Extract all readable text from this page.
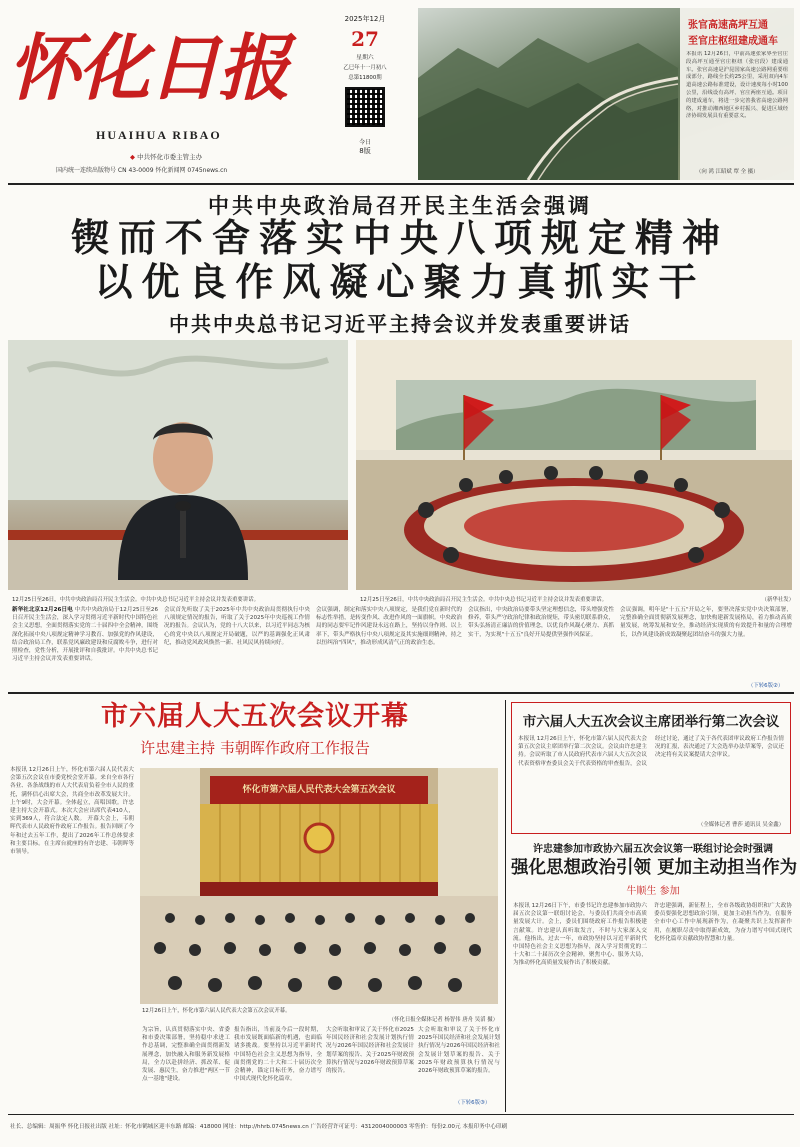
怀化日报
HUAIHUA RIBAO
◆ 中共怀化市委主管主办
国内统一连续出版物号 CN 43-0009 怀化新闻网 0745news.cn
2025年12月
27
星期六
乙巳年十一月初八
总第11800期
今日
8版
张官高速高坪互通
至官庄枢纽建成通车
本报讯 12月26日，中前高速张家界至官庄段高坪互通至官庄枢纽（张官段）建成通车。张官高速是沪昆国家高速公路网重要组成部分，路线全长约25公里，采用双向4车道高速公路标准建设，设计速度每小时100公里，沿线设有高坪、官庄两座互通。项目的建成通车，将进一步完善我省高速公路网络，对推动湘西地区乡村振兴、促进区域经济协调发展具有重要意义。
（向 鸿 江昭斌 覃 全 摄）
中共中央政治局召开民主生活会强调
锲而不舍落实中央八项规定精神
以优良作风凝心聚力真抓实干
中共中央总书记习近平主持会议并发表重要讲话
12月25日至26日，中共中央政治局召开民主生活会。中共中央总书记习近平主持会议并发表重要讲话。	12月25日至26日，中共中央政治局召开民主生活会。中共中央总书记习近平主持会议并发表重要讲话。	（新华社发）
新华社北京12月26日电 中共中央政治局于12月25日至26日召开民主生活会，深入学习贯彻习近平新时代中国特色社会主义思想，全面贯彻落实党的二十届四中全会精神，围绕深化拓展中央八项规定精神学习教育、加强党的作风建设，结合政治局工作，联系党风廉政建设和反腐败斗争，进行对照检查，党性分析，开展批评和自我批评。中共中央总书记习近平主持会议并发表重要讲话。
会议首先听取了关于2025年中共中央政治局贯彻执行中央八项规定情况的报告，听取了关于2025年中央巡视工作情况的报告。会议认为，党的十八大以来，以习近平同志为核心的党中央以八项规定开局破题，以严的基调强化正风肃纪，推动党风政风焕然一新、社风民风持续向好。
会议强调，制定和落实中央八项规定，是我们党在新时代的标志性举措，是转变作风、改进作风的一面旗帜。中央政治局的同志要牢记作风建设永远在路上，坚持以身作则、以上率下，带头严格执行中央八项规定及其实施细则精神，持之以恒纠治"四风"，推动形成风清气正的政治生态。
会议指出，中央政治局要带头坚定理想信念，带头增强党性修养，带头严守政治纪律和政治规矩，带头密切联系群众，带头弘扬清正廉洁的价值理念，以优良作风凝心聚力、真抓实干，为实现"十五五"良好开局提供坚强作风保证。
会议强调，明年是"十五五"开局之年，要坚决落实党中央决策部署，完整准确全面贯彻新发展理念，加快构建新发展格局，着力推动高质量发展，统筹发展和安全，推动经济实现质的有效提升和量的合理增长，以作风建设新成效凝聚起团结奋斗的强大力量。
（下转6版②）
市六届人大五次会议开幕
许忠建主持 韦朝晖作政府工作报告
本报讯 12月26日上午，怀化市第六届人民代表大会第五次会议在市委党校会堂开幕。来自全市各行各业、各条战线的市人大代表肩负着全市人民的重托，满怀信心出席大会，共商全市改革发展大计。上午9时，大会开幕。全体起立，高唱国歌。许忠建主持大会开幕式。本次大会应出席代表410人，实到369人，符合法定人数。 开幕大会上，韦朝晖代表市人民政府作政府工作报告。报告回顾了今年和过去五年工作，提出了2026年工作总体要求和主要目标。在主席台就座的有许忠建、韦朝晖等市领导。
怀化市第六届人民代表大会第五次会议
12月26日上午，怀化市第六届人民代表大会第五次会议开幕。
（怀化日报全媒体记者 杨智伟 唐舟 吴滔 摄）
为宗旨，认真贯彻落实中央、省委和市委决策部署，坚持稳中求进工作总基调，完整准确全面贯彻新发展理念，加快融入和服务新发展格局，全力以赴拼经济、抓改革、促发展、惠民生，奋力推进"两区一节点一基地"建设。
报告指出，当前及今后一段时期，我市发展既面临新的机遇，也面临诸多挑战。要坚持以习近平新时代中国特色社会主义思想为指导，全面贯彻党的二十大和二十届历次全会精神，锚定目标任务，奋力谱写中国式现代化怀化篇章。
大会听取和审议了关于怀化市2025年国民经济和社会发展计划执行情况与2026年国民经济和社会发展计划草案的报告、关于2025年财政预算执行情况与2026年财政预算草案的报告。
大会听取和审议了关于怀化市2025年国民经济和社会发展计划执行情况与2026年国民经济和社会发展计划草案的报告、关于2025年财政预算执行情况与2026年财政预算草案的报告。
（下转6版③）
市六届人大五次会议主席团举行第二次会议
本报讯 12月26日上午，怀化市第六届人民代表大会第五次会议主席团举行第二次会议。会议由许忠建主持。会议听取了市人民政府代表市六届人大五次会议代表资格审查委员会关于代表资格的审查报告，会议经过讨论，通过了关于各代表团审议政府工作报告情况的汇报，表决通过了大会选举办法草案等，会议还决定将有关议案提请大会审议。
（全媒体记者 曹莎 通讯员 吴金鑫）
许忠建参加市政协六届五次会议第一联组讨论会时强调
强化思想政治引领 更加主动担当作为
牛顺生 参加
本报讯 12月26日下午，市委书记许忠建参加市政协六届五次会议第一联组讨论会，与委员们共商全市高质量发展大计。会上，委员们围绕政府工作报告积极建言献策。许忠建认真听取发言，不时与大家深入交流。他指出，过去一年，市政协坚持以习近平新时代中国特色社会主义思想为指导，深入学习贯彻党的二十大和二十届历次全会精神，聚焦中心、服务大局，为推动怀化高质量发展作出了积极贡献。
许忠建强调，新征程上，全市各级政协组织和广大政协委员要强化思想政治引领，更加主动担当作为，在服务全市中心工作中展现新作为，在凝聚共识上发挥新作用，在履职尽责中取得新成效，为奋力谱写中国式现代化怀化篇章贡献政协智慧和力量。
社长、总编辑：周振华 怀化日报社出版 社址：怀化市鹤城区迎丰东路 邮编：418000 网址：http://hhrb.0745news.cn 广告经营许可证号：4312004000003 零售价：每份2.00元 本报印务中心印刷
